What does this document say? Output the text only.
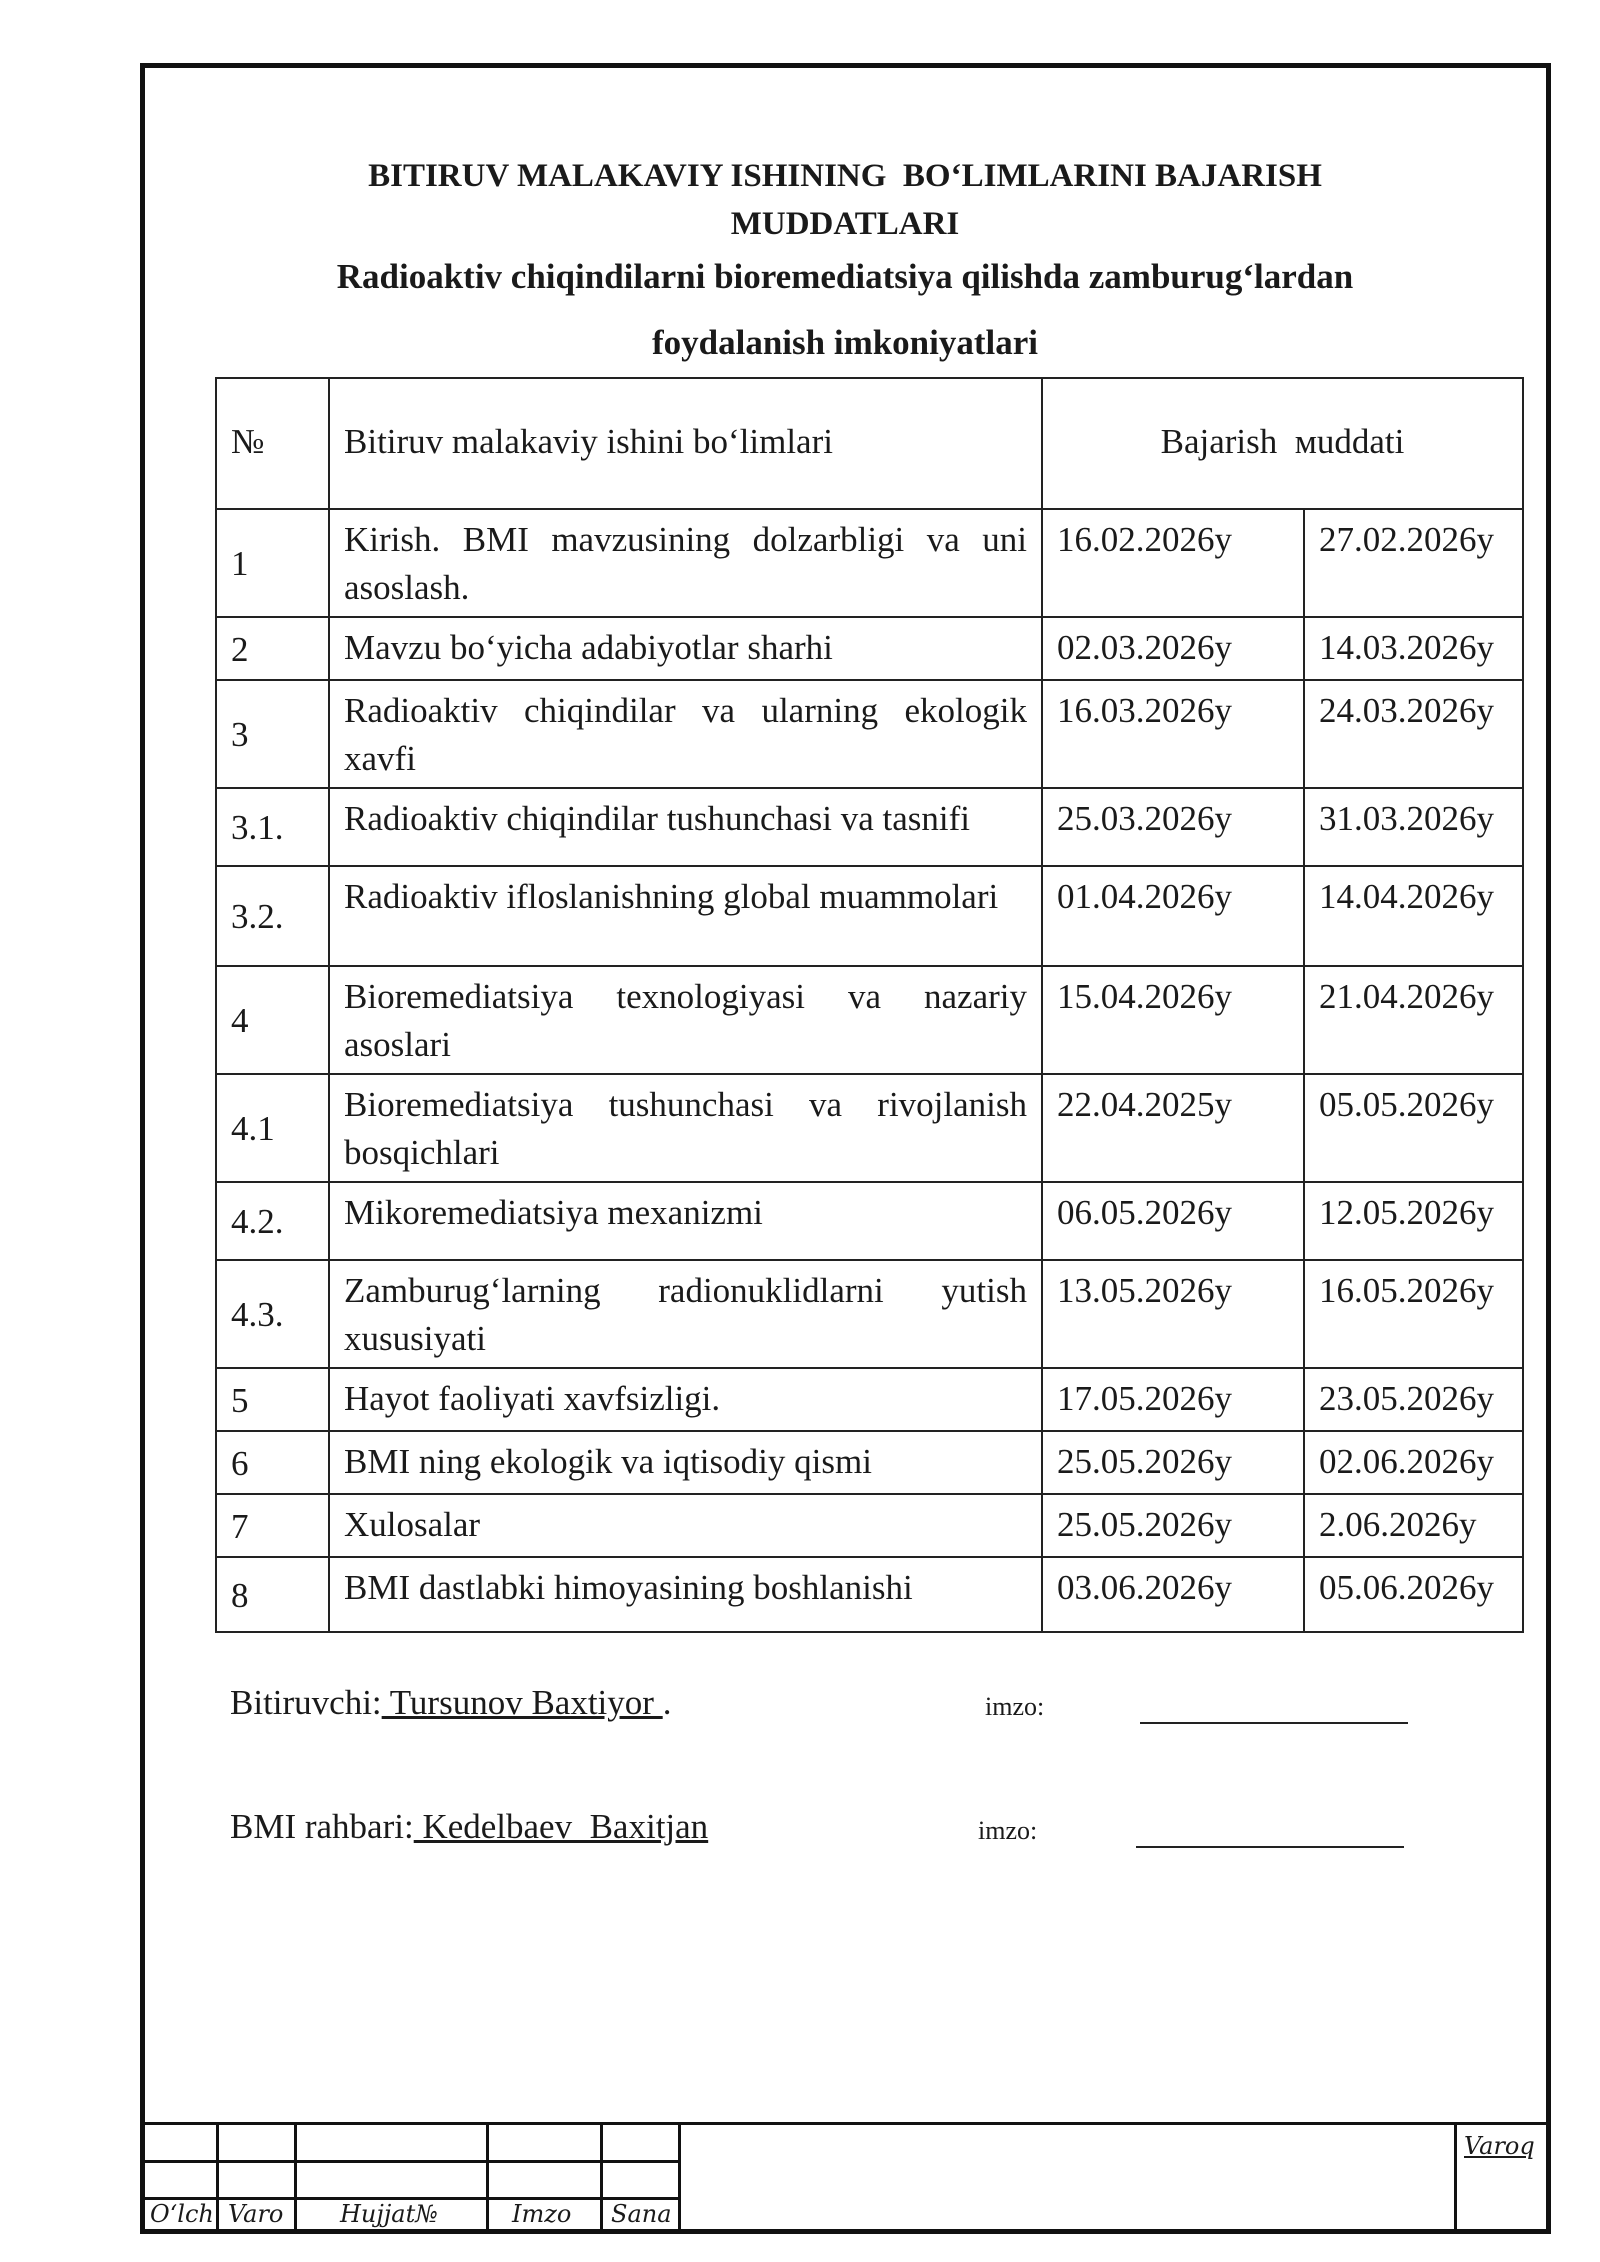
BITIRUV MALAKAVIY ISHINING  BO‘LIMLARINI BAJARISH
MUDDATLARI
Radioaktiv chiqindilarni bioremediatsiya qilishda zamburug‘lardan
foydalanish imkoniyatlari
№	Bitiruv malakaviy ishini bo‘limlari	Bajarish  мuddati	
1	Kirish. BMI mavzusining dolzarbligi va uni asoslash.	16.02.2026y	27.02.2026y
2	Mavzu bo‘yicha adabiyotlar sharhi	02.03.2026y	14.03.2026y
3	Radioaktiv chiqindilar va ularning ekologik xavfi	16.03.2026y	24.03.2026y
3.1.	Radioaktiv chiqindilar tushunchasi va tasnifi	25.03.2026y	31.03.2026y
3.2.	Radioaktiv ifloslanishning global muammolari	01.04.2026y	14.04.2026y
4	Bioremediatsiya texnologiyasi va nazariy asoslari	15.04.2026y	21.04.2026y
4.1	Bioremediatsiya tushunchasi va rivojlanish bosqichlari	22.04.2025y	05.05.2026y
4.2.	Mikoremediatsiya mexanizmi	06.05.2026y	12.05.2026y
4.3.	Zamburug‘larning radionuklidlarni yutish xususiyati	13.05.2026y	16.05.2026y
5	Hayot faoliyati xavfsizligi.	17.05.2026y	23.05.2026y
6	BMI ning ekologik va iqtisodiy qismi	25.05.2026y	02.06.2026y
7	Xulosalar	25.05.2026y	2.06.2026y
8	BMI dastlabki himoyasining boshlanishi	03.06.2026y	05.06.2026y
Bitiruvchi: Tursunov Baxtiyor .	imzo:
BMI rahbari: Kedelbaev  Baxitjan	imzo:
O‘lch Varo Hujjat№	Imzo Sana
Varoq
